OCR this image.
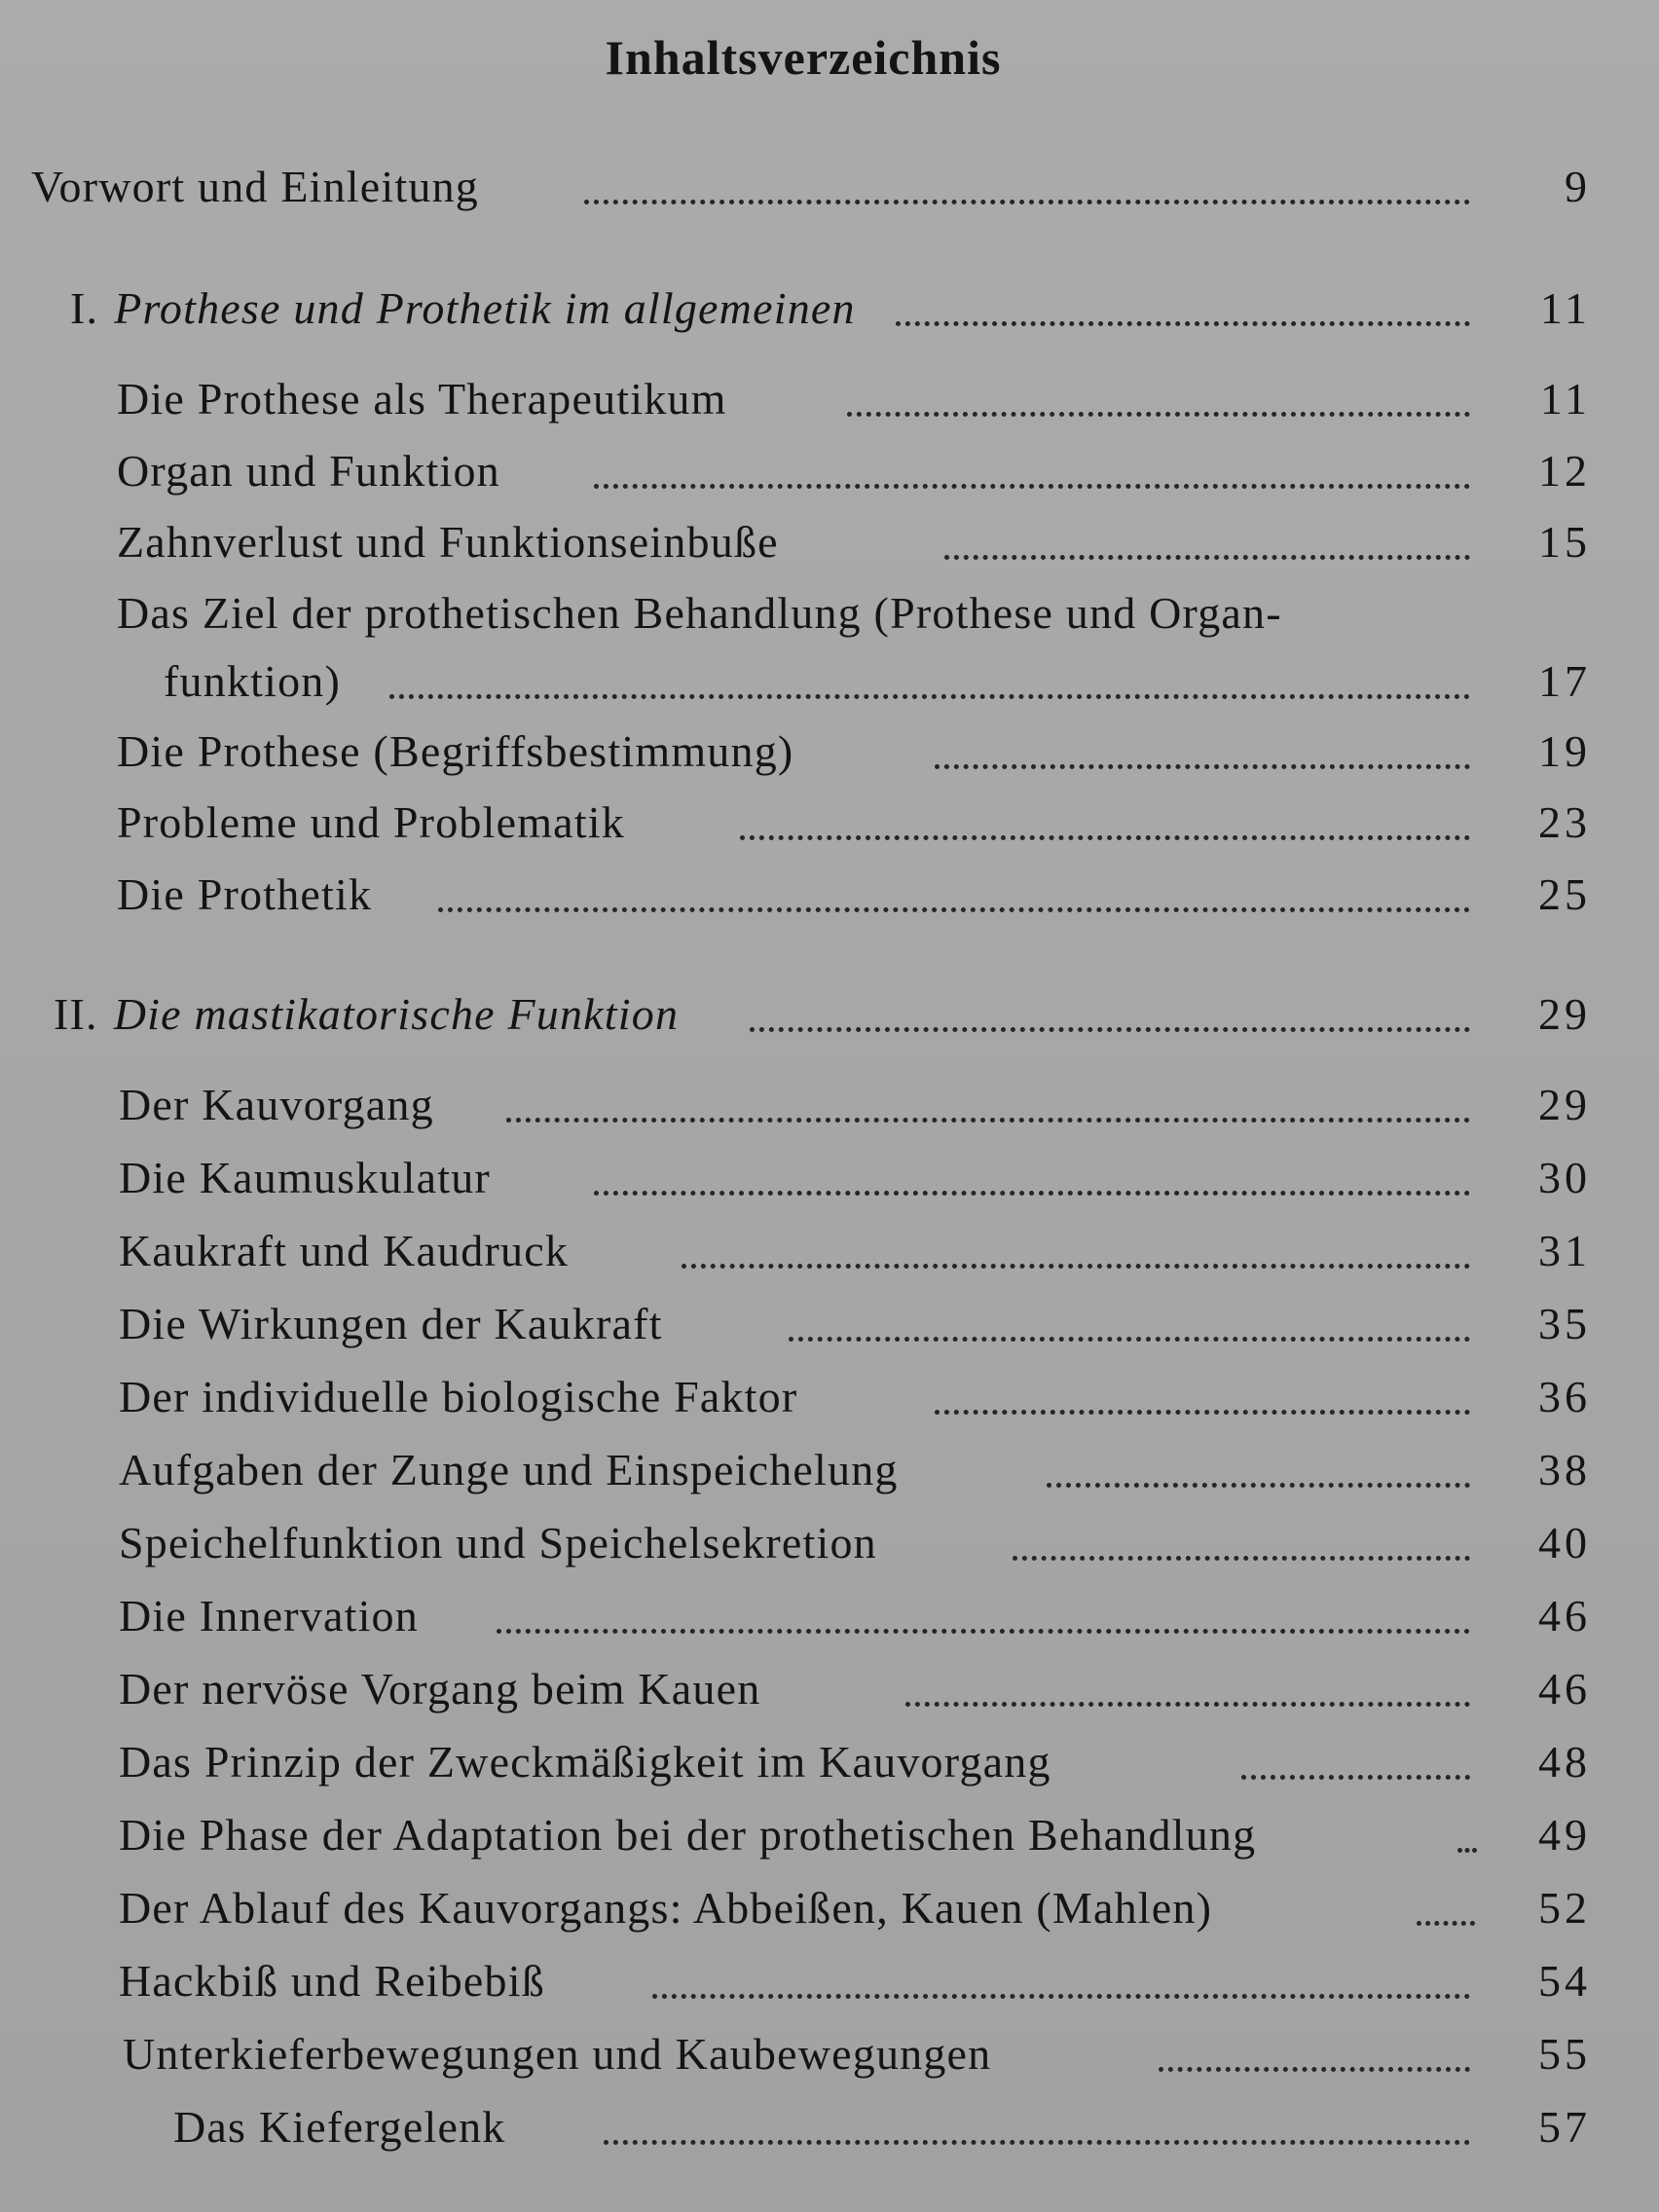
Inhaltsverzeichnis
Vorwort und Einleitung	9
I. Prothese und Prothetik im allgemeinen	11
Die Prothese als Therapeutikum	11
Organ und Funktion	12
Zahnverlust und Funktionseinbuße	15
Das Ziel der prothetischen Behandlung (Prothese und Organ-
funktion)	17
Die Prothese (Begriffsbestimmung)	19
Probleme und Problematik	23
Die Prothetik	25
II. Die mastikatorische Funktion	29
Der Kauvorgang	29
Die Kaumuskulatur	30
Kaukraft und Kaudruck	31
Die Wirkungen der Kaukraft	35
Der individuelle biologische Faktor	36
Aufgaben der Zunge und Einspeichelung	38
Speichelfunktion und Speichelsekretion	40
Die Innervation	46
Der nervöse Vorgang beim Kauen	46
Das Prinzip der Zweckmäßigkeit im Kauvorgang	48
Die Phase der Adaptation bei der prothetischen Behandlung	49
Der Ablauf des Kauvorgangs: Abbeißen, Kauen (Mahlen)	52
Hackbiß und Reibebiß	54
Unterkieferbewegungen und Kaubewegungen	55
Das Kiefergelenk	57
